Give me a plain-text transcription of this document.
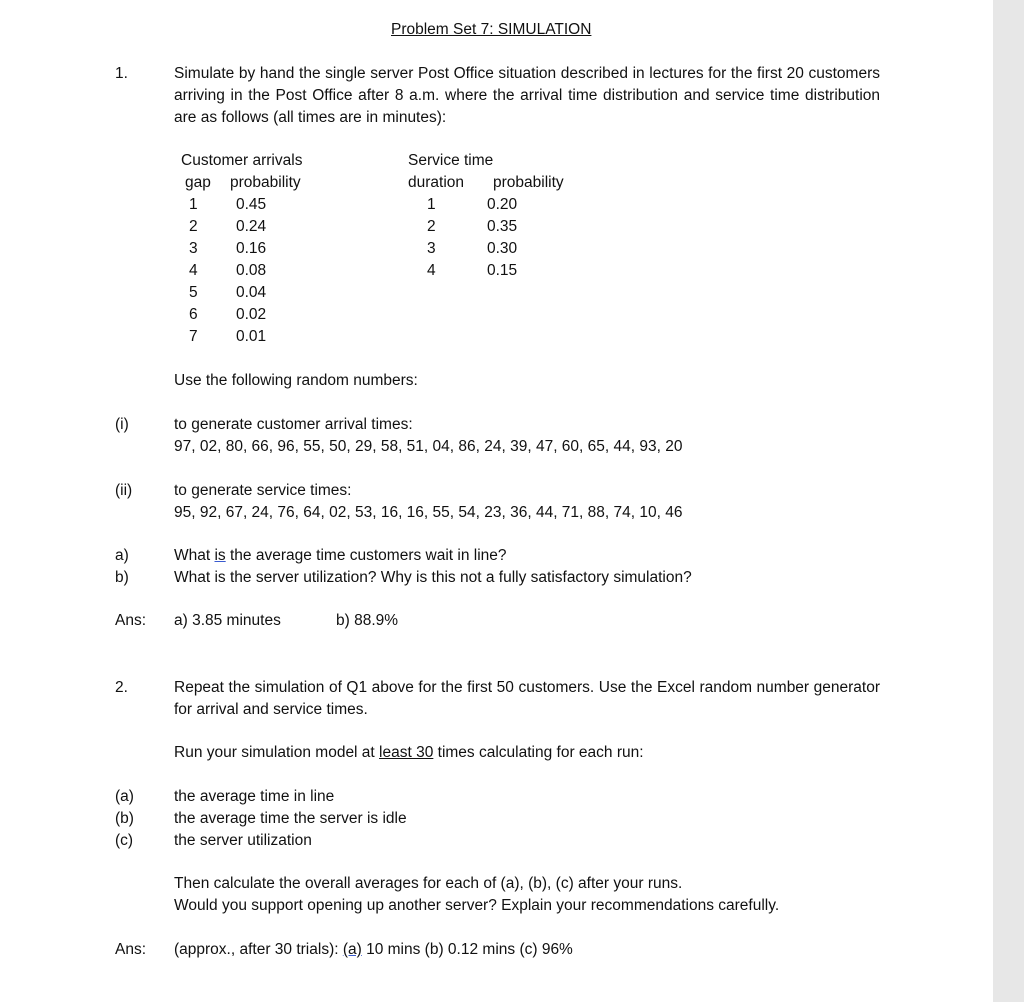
Problem Set 7: SIMULATION
1.	Simulate by hand the single server Post Office situation described in lectures for the first 20 customers arriving in the Post Office after 8 a.m. where the arrival time distribution and service time distribution are as follows (all times are in minutes):
Customer arrivals
gap probability
1 0.45
2 0.24
3 0.16
4 0.08
5 0.04
6 0.02
7 0.01
Service time
duration probability
1	0.20
2	0.35
3	0.30
4	0.15
Use the following random numbers:
(i)	to generate customer arrival times:
97, 02, 80, 66, 96, 55, 50, 29, 58, 51, 04, 86, 24, 39, 47, 60, 65, 44, 93, 20
(ii)	to generate service times:
95, 92, 67, 24, 76, 64, 02, 53, 16, 16, 55, 54, 23, 36, 44, 71, 88, 74, 10, 46
a)	What is the average time customers wait in line?
b)	What is the server utilization? Why is this not a fully satisfactory simulation?
Ans: a) 3.85 minutes	b) 88.9%
2.	Repeat the simulation of Q1 above for the first 50 customers. Use the Excel random number generator for arrival and service times.
Run your simulation model at least 30 times calculating for each run:
(a)	the average time in line
(b)	the average time the server is idle
(c)	the server utilization
Then calculate the overall averages for each of (a), (b), (c) after your runs.
Would you support opening up another server? Explain your recommendations carefully.
Ans: (approx., after 30 trials): (a) 10 mins (b) 0.12 mins (c) 96%
